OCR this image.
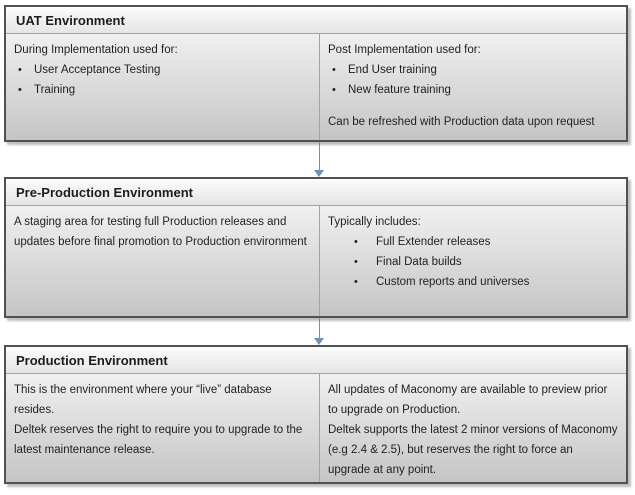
UAT Environment
During Implementation used for:
•	User Acceptance Testing
•	Training
Post Implementation used for:
•	End User training
•	New feature training
Can be refreshed with Production data upon request
Pre-Production Environment
A staging area for testing full Production releases and updates before final promotion to Production environment
Typically includes:
•	Full Extender releases
•	Final Data builds
•	Custom reports and universes
Production Environment
This is the environment where your “live” database resides.
Deltek reserves the right to require you to upgrade to the latest maintenance release.
All updates of Maconomy are available to preview prior to upgrade on Production.
Deltek supports the latest 2 minor versions of Maconomy (e.g 2.4 & 2.5), but reserves the right to force an upgrade at any point.
